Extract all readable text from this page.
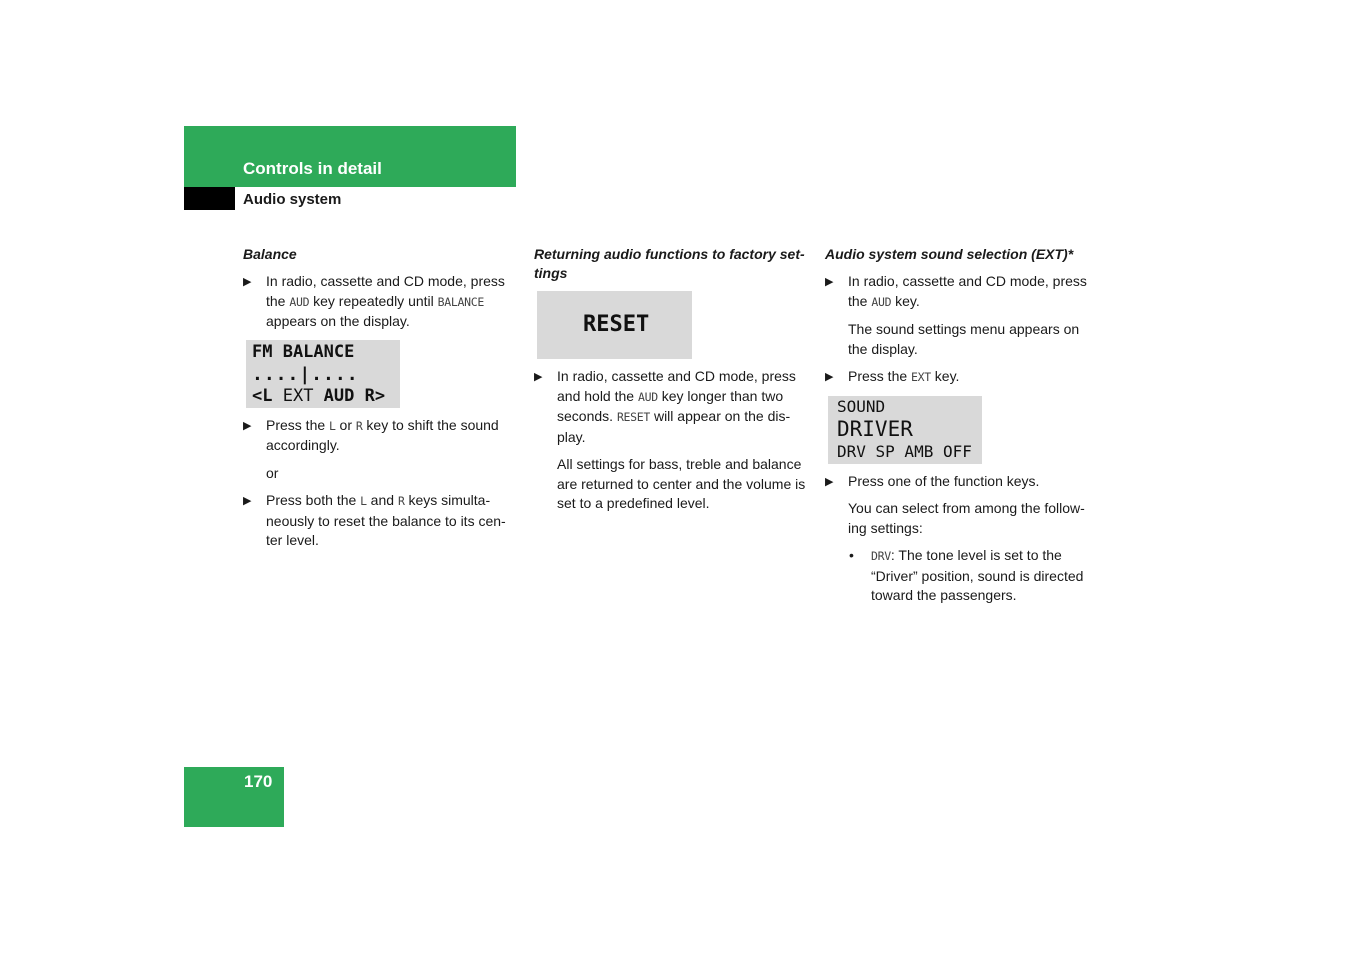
Controls in detail
Audio system

Balance

▶ In radio, cassette and CD mode, press the AUD key repeatedly until BALANCE appears on the display.

FM BALANCE
....|....
<L EXT AUD R>

▶ Press the L or R key to shift the sound accordingly.

or

▶ Press both the L and R keys simulta-neously to reset the balance to its cen-ter level.

Returning audio functions to factory set-tings

RESET

▶ In radio, cassette and CD mode, press and hold the AUD key longer than two seconds. RESET will appear on the dis-play.

All settings for bass, treble and balance are returned to center and the volume is set to a predefined level.

Audio system sound selection (EXT)*

▶ In radio, cassette and CD mode, press the AUD key.

The sound settings menu appears on the display.

▶ Press the EXT key.

SOUND
DRIVER
DRV SP AMB OFF

▶ Press one of the function keys.

You can select from among the follow-ing settings:

• DRV: The tone level is set to the “Driver” position, sound is directed toward the passengers.

170
